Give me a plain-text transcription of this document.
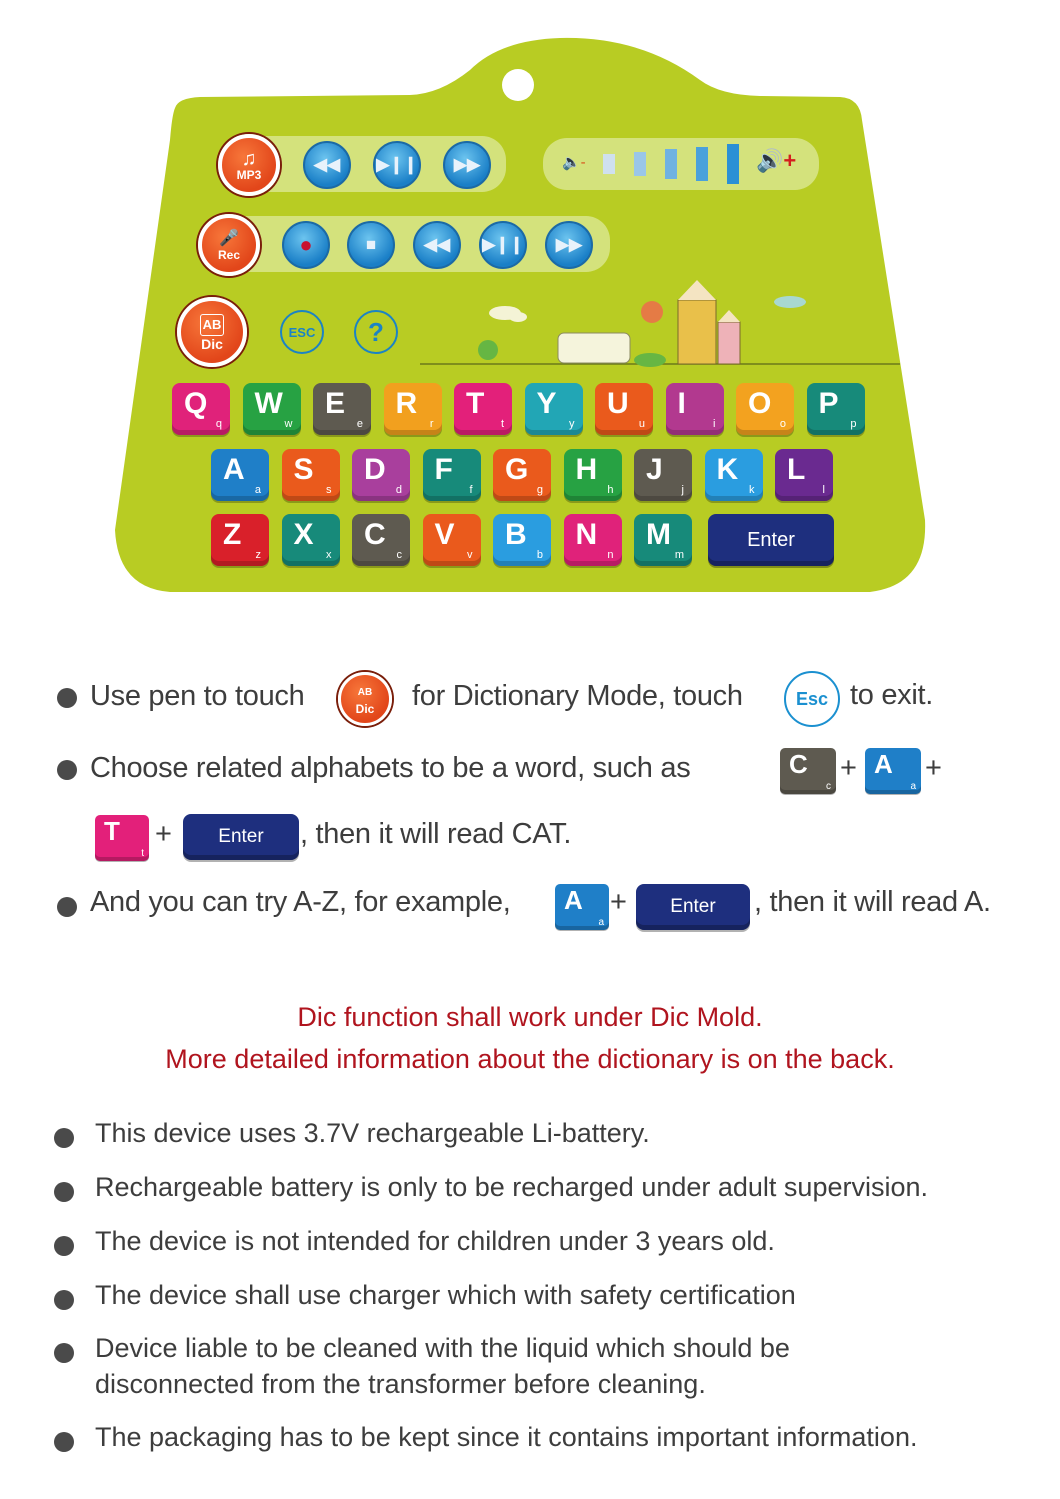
♫
MP3
◀◀ ▶❙❙ ▶▶	🔈-	🔊+
🎤
Rec	●	■	◀◀ ▶❙❙ ▶▶
AB
Dic
ESC	?
Q
q
W
w
E
e
R
r
T
t
Y
y
U
u
I
i
O
o
P
p
A
a
S
s
D
d
F
f
G
g
H
h
J
j
K
k
L
l
Z
z
X
x
C
c
V
v
B
b
N
n
M
m
Enter
Use pen to touch	AB
Dic for Dictionary Mode, touch	Esc to exit.
Choose related alphabets to be a word, such as	C
c
+ A
a
+
T
t
+	Enter	, then it will read CAT.
And you can try A-Z, for example, A
a
+	Enter	, then it will read A.
Dic function shall work under Dic Mold.
More detailed information about the dictionary is on the back.
This device uses 3.7V rechargeable Li-battery.
Rechargeable battery is only to be recharged under adult supervision.
The device is not intended for children under 3 years old.
The device shall use charger which with safety certification
Device liable to be cleaned with the liquid which should be
disconnected from the transformer before cleaning.
The packaging has to be kept since it contains important information.
